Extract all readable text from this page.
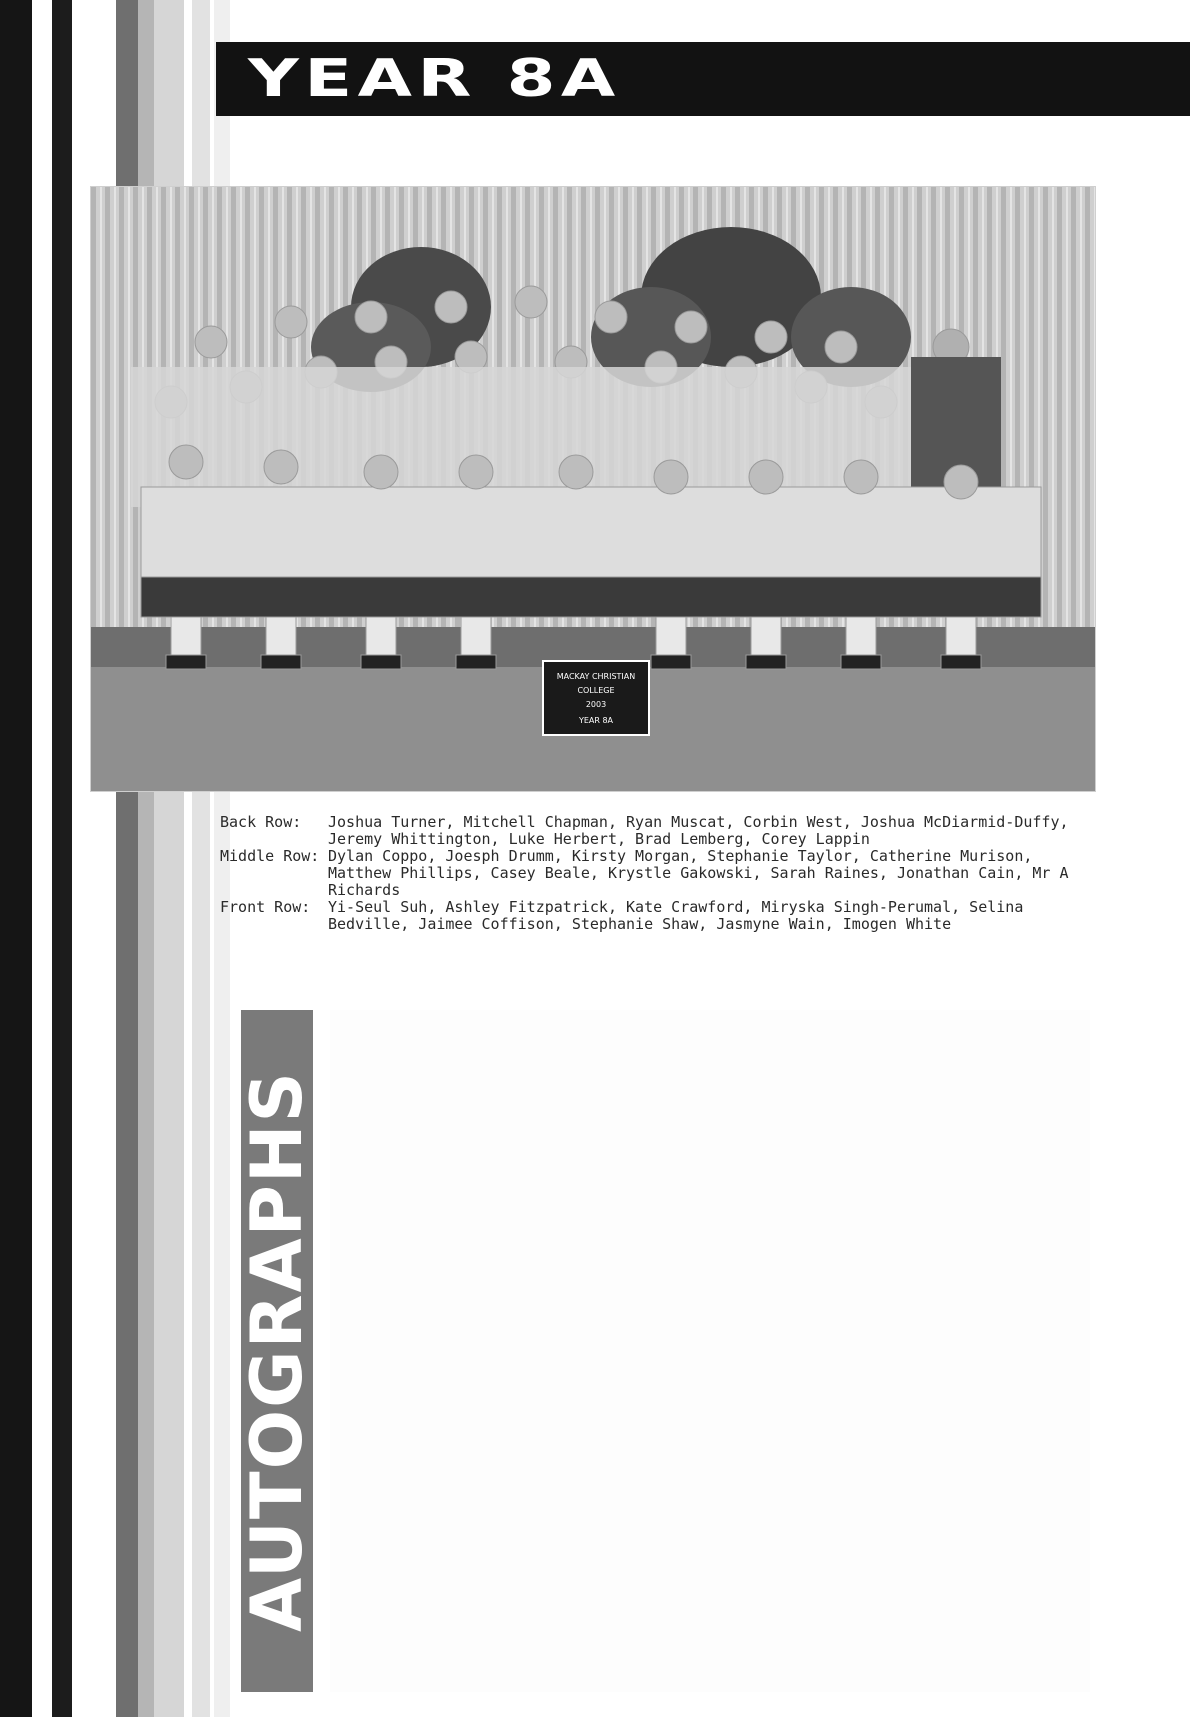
YEAR 8A
MACKAY CHRISTIAN
COLLEGE
2003
YEAR 8A
Back Row:	Joshua Turner, Mitchell Chapman, Ryan Muscat, Corbin West, Joshua McDiarmid-Duffy, Jeremy Whittington, Luke Herbert, Brad Lemberg, Corey Lappin
Middle Row: Dylan Coppo, Joesph Drumm, Kirsty Morgan, Stephanie Taylor, Catherine Murison, Matthew Phillips, Casey Beale, Krystle Gakowski, Sarah Raines, Jonathan Cain, Mr A Richards
Front Row:	Yi-Seul Suh, Ashley Fitzpatrick, Kate Crawford, Miryska Singh-Perumal, Selina Bedville, Jaimee Coffison, Stephanie Shaw, Jasmyne Wain, Imogen White
AUTOGRAPHS
